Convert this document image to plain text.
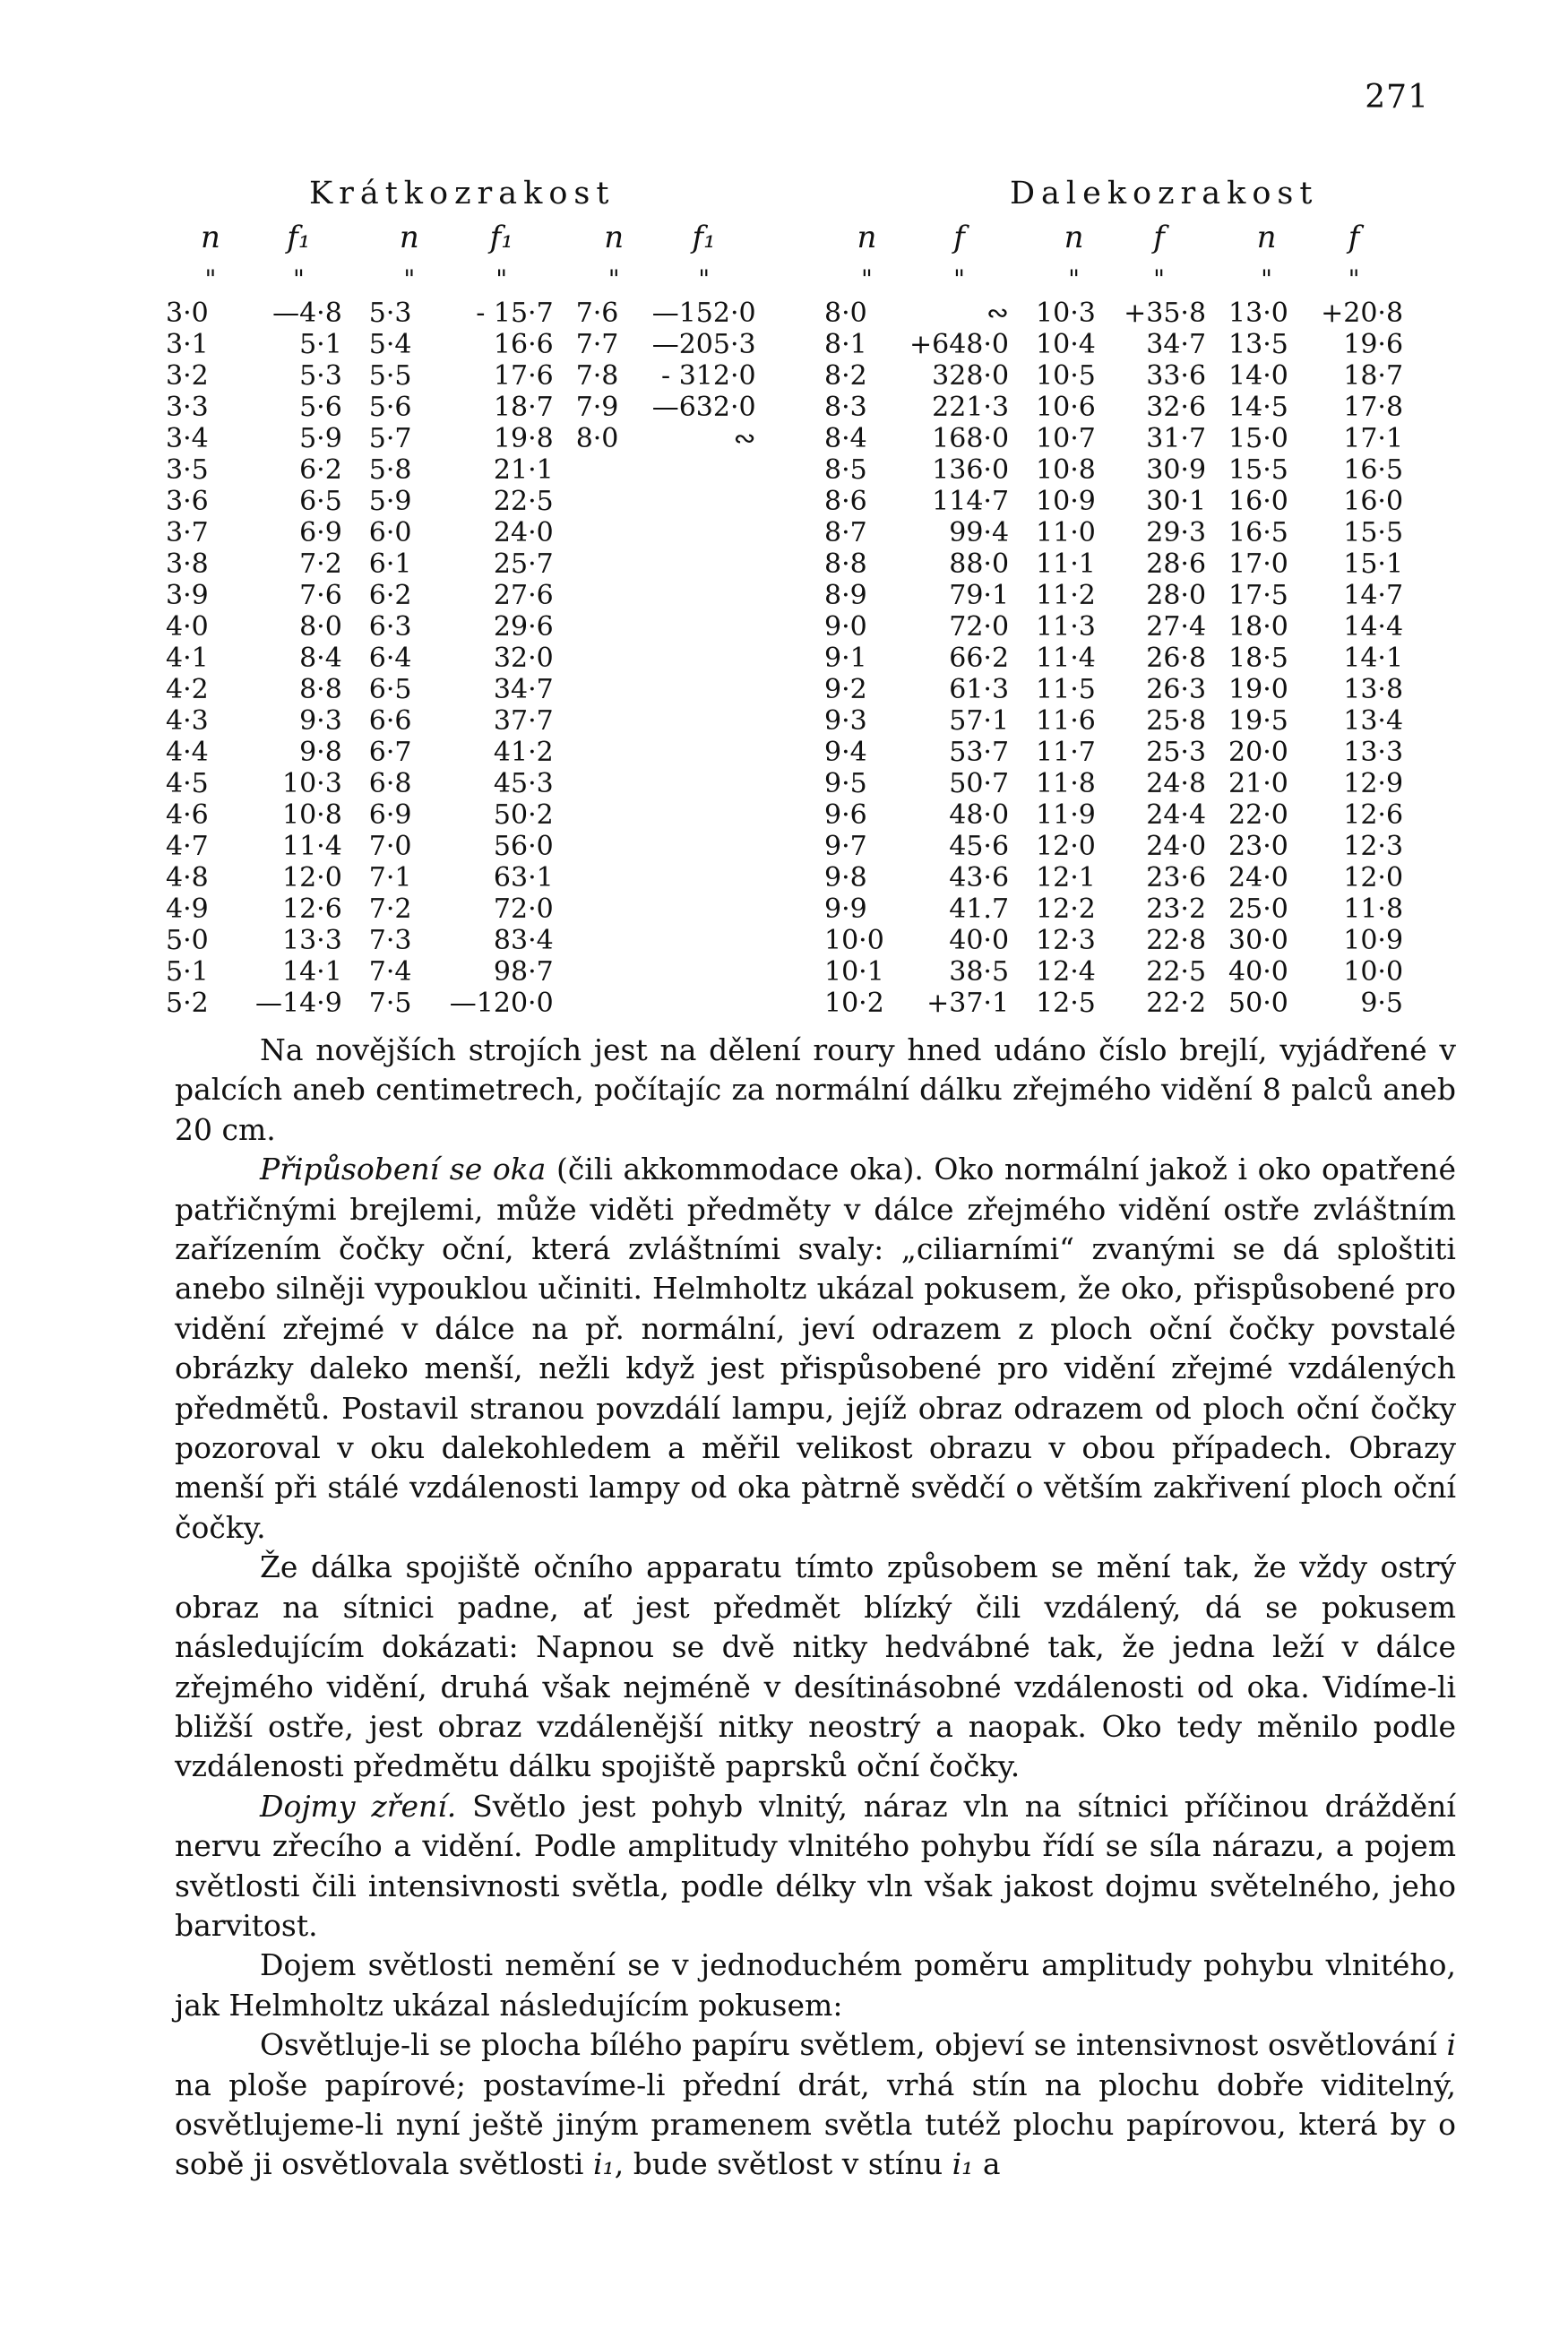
271
Krátkozrakost	Dalekozrakost
n	f₁	n	f₁	n	f₁
"	"	"	"	"	"
3·0	—4·8	5·3	- 15·7	7·6	—152·0
3·1	5·1	5·4	16·6	7·7	—205·3
3·2	5·3	5·5	17·6	7·8	- 312·0
3·3	5·6	5·6	18·7	7·9	—632·0
3·4	5·9	5·7	19·8	8·0	∾
3·5	6·2	5·8	21·1		
3·6	6·5	5·9	22·5		
3·7	6·9	6·0	24·0		
3·8	7·2	6·1	25·7		
3·9	7·6	6·2	27·6		
4·0	8·0	6·3	29·6		
4·1	8·4	6·4	32·0		
4·2	8·8	6·5	34·7		
4·3	9·3	6·6	37·7		
4·4	9·8	6·7	41·2		
4·5	10·3	6·8	45·3		
4·6	10·8	6·9	50·2		
4·7	11·4	7·0	56·0		
4·8	12·0	7·1	63·1		
4·9	12·6	7·2	72·0		
5·0	13·3	7·3	83·4		
5·1	14·1	7·4	98·7		
5·2	—14·9	7·5	—120·0		
n	f	n	f	n	f
"	"	"	"	"	"
8·0	∾	10·3	+35·8	13·0	+20·8
8·1	+648·0	10·4	34·7	13·5	19·6
8·2	328·0	10·5	33·6	14·0	18·7
8·3	221·3	10·6	32·6	14·5	17·8
8·4	168·0	10·7	31·7	15·0	17·1
8·5	136·0	10·8	30·9	15·5	16·5
8·6	114·7	10·9	30·1	16·0	16·0
8·7	99·4	11·0	29·3	16·5	15·5
8·8	88·0	11·1	28·6	17·0	15·1
8·9	79·1	11·2	28·0	17·5	14·7
9·0	72·0	11·3	27·4	18·0	14·4
9·1	66·2	11·4	26·8	18·5	14·1
9·2	61·3	11·5	26·3	19·0	13·8
9·3	57·1	11·6	25·8	19·5	13·4
9·4	53·7	11·7	25·3	20·0	13·3
9·5	50·7	11·8	24·8	21·0	12·9
9·6	48·0	11·9	24·4	22·0	12·6
9·7	45·6	12·0	24·0	23·0	12·3
9·8	43·6	12·1	23·6	24·0	12·0
9·9	41.7	12·2	23·2	25·0	11·8
10·0	40·0	12·3	22·8	30·0	10·9
10·1	38·5	12·4	22·5	40·0	10·0
10·2	+37·1	12·5	22·2	50·0	9·5

Na novějších strojích jest na dělení roury hned udáno číslo brejlí, vyjádřené v palcích aneb centimetrech, počítajíc za normální dálku zřejmého vidění 8 palců aneb 20 cm.

Připůsobení se oka (čili akkommodace oka). Oko normální jakož i oko opatřené patřičnými brejlemi, může viděti předměty v dálce zřejmého vidění ostře zvláštním zařízením čočky oční, která zvláštními svaly: „ciliarními“ zvanými se dá sploštiti anebo silněji vypouklou učiniti. Helmholtz ukázal pokusem, že oko, přispůsobené pro vidění zřejmé v dálce na př. normální, jeví odrazem z ploch oční čočky povstalé obrázky daleko menší, nežli když jest přispůsobené pro vidění zřejmé vzdálených předmětů. Postavil stranou povzdálí lampu, jejíž obraz odrazem od ploch oční čočky pozoroval v oku dalekohledem a měřil velikost obrazu v obou případech. Obrazy menší při stálé vzdálenosti lampy od oka pàtrně svědčí o větším zakřivení ploch oční čočky.

Že dálka spojiště očního apparatu tímto způsobem se mění tak, že vždy ostrý obraz na sítnici padne, ať jest předmět blízký čili vzdálený, dá se pokusem následujícím dokázati: Napnou se dvě nitky hedvábné tak, že jedna leží v dálce zřejmého vidění, druhá však nejméně v desítinásobné vzdálenosti od oka. Vidíme-li bližší ostře, jest obraz vzdálenější nitky neostrý a naopak. Oko tedy měnilo podle vzdálenosti předmětu dálku spojiště paprsků oční čočky.

Dojmy zření. Světlo jest pohyb vlnitý, náraz vln na sítnici příčinou dráždění nervu zřecího a vidění. Podle amplitudy vlnitého pohybu řídí se síla nárazu, a pojem světlosti čili intensivnosti světla, podle délky vln však jakost dojmu světelného, jeho barvitost.

Dojem světlosti nemění se v jednoduchém poměru amplitudy pohybu vlnitého, jak Helmholtz ukázal následujícím pokusem:

Osvětluje-li se plocha bílého papíru světlem, objeví se intensivnost osvětlování i na ploše papírové; postavíme-li přední drát, vrhá stín na plochu dobře viditelný, osvětlujeme-li nyní ještě jiným pramenem světla tutéž plochu papírovou, která by o sobě ji osvětlovala světlosti i₁, bude světlost v stínu i₁ a
